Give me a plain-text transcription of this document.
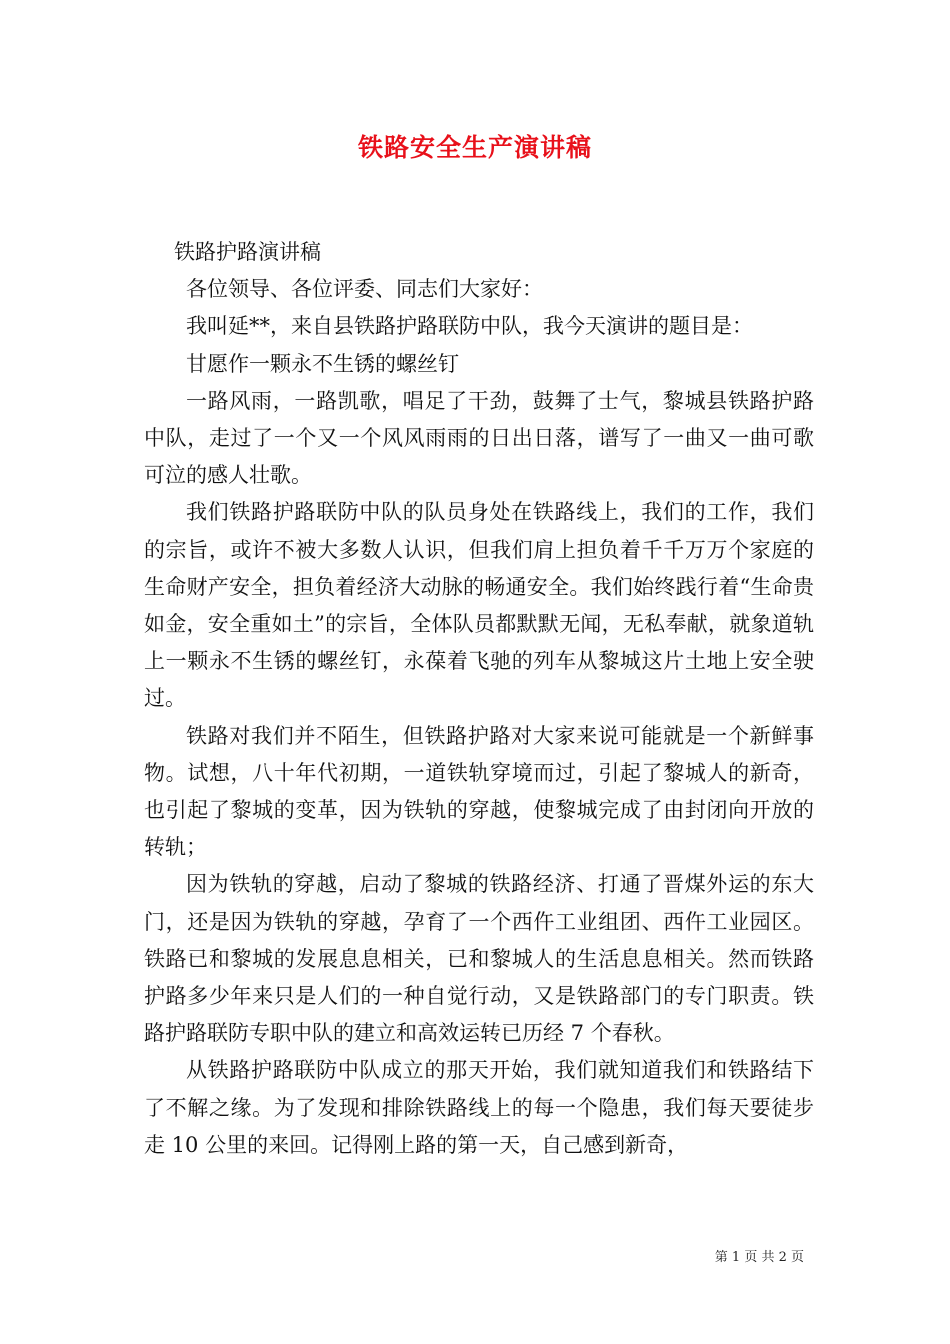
铁路安全生产演讲稿

铁路护路演讲稿

各位领导、各位评委、同志们大家好：

我叫延**，来自县铁路护路联防中队，我今天演讲的题目是：

甘愿作一颗永不生锈的螺丝钉

一路风雨，一路凯歌，唱足了干劲，鼓舞了士气，黎城县铁路护路中队，走过了一个又一个风风雨雨的日出日落，谱写了一曲又一曲可歌可泣的感人壮歌。

我们铁路护路联防中队的队员身处在铁路线上，我们的工作，我们的宗旨，或许不被大多数人认识，但我们肩上担负着千千万万个家庭的生命财产安全，担负着经济大动脉的畅通安全。我们始终践行着“生命贵如金，安全重如土”的宗旨，全体队员都默默无闻，无私奉献，就象道轨上一颗永不生锈的螺丝钉，永葆着飞驰的列车从黎城这片土地上安全驶过。

铁路对我们并不陌生，但铁路护路对大家来说可能就是一个新鲜事物。试想，八十年代初期，一道铁轨穿境而过，引起了黎城人的新奇，也引起了黎城的变革，因为铁轨的穿越，使黎城完成了由封闭向开放的转轨；

因为铁轨的穿越，启动了黎城的铁路经济、打通了晋煤外运的东大门，还是因为铁轨的穿越，孕育了一个西仵工业组团、西仵工业园区。铁路已和黎城的发展息息相关，已和黎城人的生活息息相关。然而铁路护路多少年来只是人们的一种自觉行动，又是铁路部门的专门职责。铁路护路联防专职中队的建立和高效运转已历经 7 个春秋。

从铁路护路联防中队成立的那天开始，我们就知道我们和铁路结下了不解之缘。为了发现和排除铁路线上的每一个隐患，我们每天要徒步走 10 公里的来回。记得刚上路的第一天，自己感到新奇，

第 1 页 共 2 页
